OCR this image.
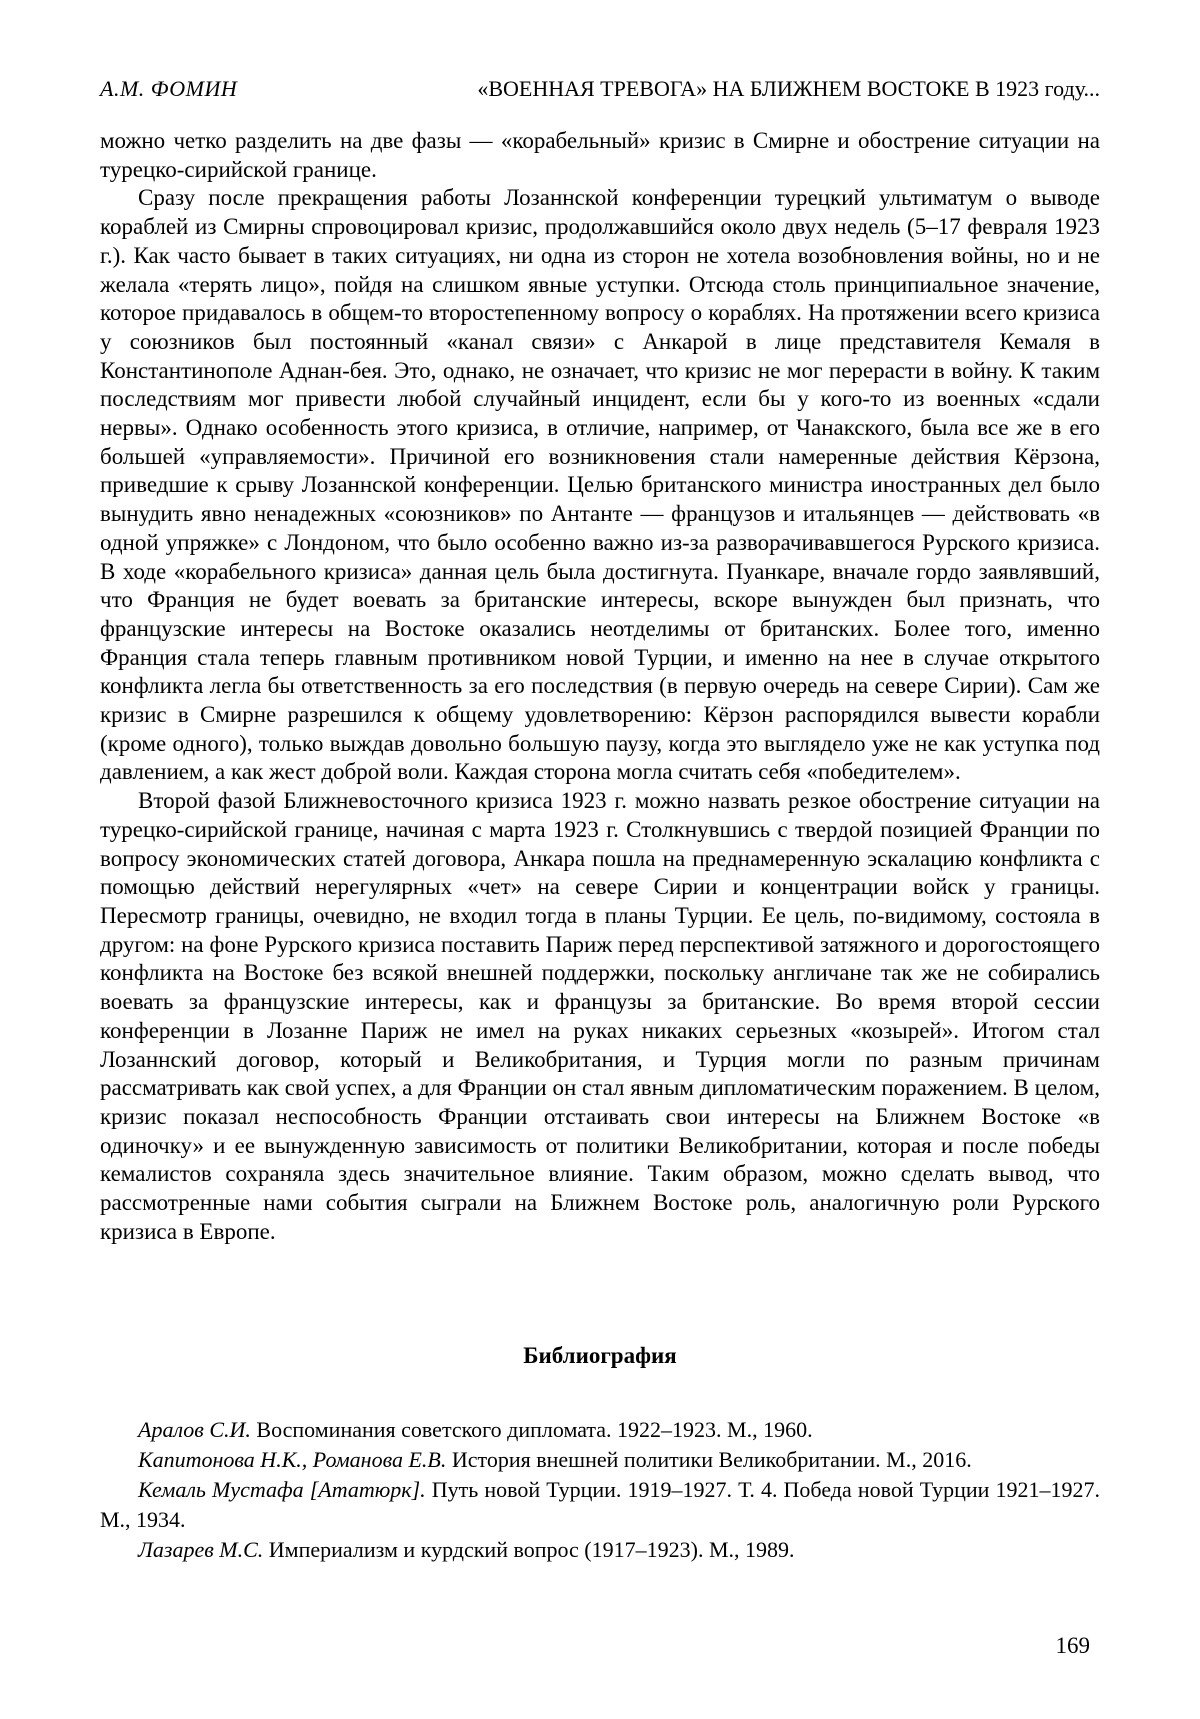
А.М. ФОМИН	«ВОЕННАЯ ТРЕВОГА» НА БЛИЖНЕМ ВОСТОКЕ В 1923 году...

можно четко разделить на две фазы — «корабельный» кризис в Смирне и обострение ситуации на турецко-сирийской границе.

Сразу после прекращения работы Лозаннской конференции турецкий ультиматум о выводе кораблей из Смирны спровоцировал кризис, продолжавшийся около двух недель (5–17 февраля 1923 г.). Как часто бывает в таких ситуациях, ни одна из сторон не хотела возобновления войны, но и не желала «терять лицо», пойдя на слишком явные уступки. Отсюда столь принципиальное значение, которое придавалось в общем-то второстепенному вопросу о кораблях. На протяжении всего кризиса у союзников был постоянный «канал связи» с Анкарой в лице представителя Кемаля в Константинополе Аднан-бея. Это, однако, не означает, что кризис не мог перерасти в войну. К таким последствиям мог привести любой случайный инцидент, если бы у кого-то из военных «сдали нервы». Однако особенность этого кризиса, в отличие, например, от Чанакского, была все же в его большей «управляемости». Причиной его возникновения стали намеренные действия Кёрзона, приведшие к срыву Лозаннской конференции. Целью британского министра иностранных дел было вынудить явно ненадежных «союзников» по Антанте — французов и итальянцев — действовать «в одной упряжке» с Лондоном, что было особенно важно из-за разворачивавшегося Рурского кризиса. В ходе «корабельного кризиса» данная цель была достигнута. Пуанкаре, вначале гордо заявлявший, что Франция не будет воевать за британские интересы, вскоре вынужден был признать, что французские интересы на Востоке оказались неотделимы от британских. Более того, именно Франция стала теперь главным противником новой Турции, и именно на нее в случае открытого конфликта легла бы ответственность за его последствия (в первую очередь на севере Сирии). Сам же кризис в Смирне разрешился к общему удовлетворению: Кёрзон распорядился вывести корабли (кроме одного), только выждав довольно большую паузу, когда это выглядело уже не как уступка под давлением, а как жест доброй воли. Каждая сторона могла считать себя «победителем».

Второй фазой Ближневосточного кризиса 1923 г. можно назвать резкое обострение ситуации на турецко-сирийской границе, начиная с марта 1923 г. Столкнувшись с твердой позицией Франции по вопросу экономических статей договора, Анкара пошла на преднамеренную эскалацию конфликта с помощью действий нерегулярных «чет» на севере Сирии и концентрации войск у границы. Пересмотр границы, очевидно, не входил тогда в планы Турции. Ее цель, по-видимому, состояла в другом: на фоне Рурского кризиса поставить Париж перед перспективой затяжного и дорогостоящего конфликта на Востоке без всякой внешней поддержки, поскольку англичане так же не собирались воевать за французские интересы, как и французы за британские. Во время второй сессии конференции в Лозанне Париж не имел на руках никаких серьезных «козырей». Итогом стал Лозаннский договор, который и Великобритания, и Турция могли по разным причинам рассматривать как свой успех, а для Франции он стал явным дипломатическим поражением. В целом, кризис показал неспособность Франции отстаивать свои интересы на Ближнем Востоке «в одиночку» и ее вынужденную зависимость от политики Великобритании, которая и после победы кемалистов сохраняла здесь значительное влияние. Таким образом, можно сделать вывод, что рассмотренные нами события сыграли на Ближнем Востоке роль, аналогичную роли Рурского кризиса в Европе.

Библиография

Аралов С.И. Воспоминания советского дипломата. 1922–1923. М., 1960.

Капитонова Н.К., Романова Е.В. История внешней политики Великобритании. М., 2016.

Кемаль Мустафа [Ататюрк]. Путь новой Турции. 1919–1927. Т. 4. Победа новой Турции 1921–1927. М., 1934.

Лазарев М.С. Империализм и курдский вопрос (1917–1923). М., 1989.

169
